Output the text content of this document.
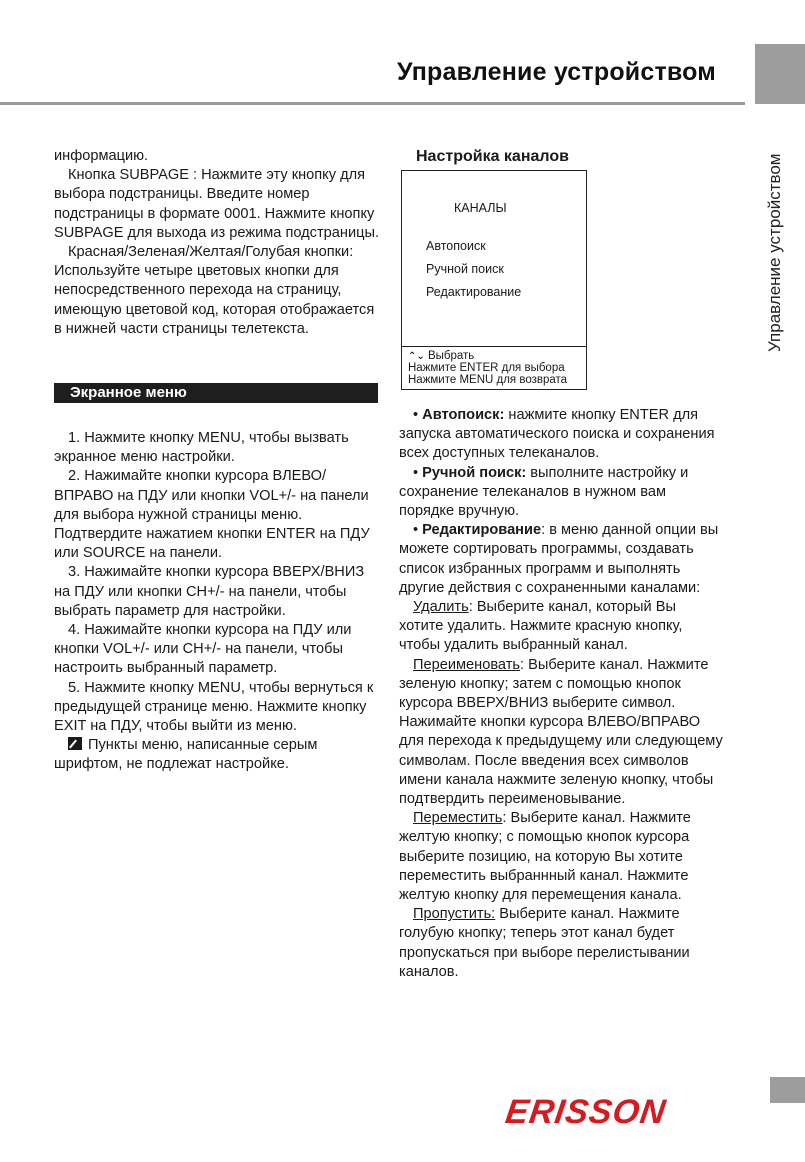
Управление устройством
Управление устройством

информацию.

Кнопка SUBPAGE : Нажмите эту кнопку для выбора подстраницы. Введите номер подстраницы в формате 0001. Нажмите кнопку SUBPAGE для выхода из режима подстраницы.

Красная/Зеленая/Желтая/Голубая кнопки: Используйте четыре цветовых кнопки для непосредственного перехода на страницу, имеющую цветовой код, которая отображается в нижней части страницы телетекста.

Экранное меню

1. Нажмите кнопку MENU, чтобы вызвать экранное меню настройки.

2. Нажимайте кнопки курсора ВЛЕВО/ВПРАВО на ПДУ или кнопки VOL+/- на панели для выбора нужной страницы меню. Подтвердите нажатием кнопки ENTER на ПДУ или SOURCE на панели.

3. Нажимайте кнопки курсора ВВЕРХ/ВНИЗ на ПДУ или кнопки CH+/- на панели, чтобы выбрать параметр для настройки.

4. Нажимайте кнопки курсора на ПДУ или кнопки VOL+/- или CH+/- на панели, чтобы настроить выбранный параметр.

5. Нажмите кнопку MENU, чтобы вернуться к предыдущей странице меню. Нажмите кнопку EXIT на ПДУ, чтобы выйти из меню.

Пункты меню, написанные серым шрифтом, не подлежат настройке.

Настройка каналов
КАНАЛЫ
Автопоиск
Ручной поиск
Редактирование
⌃⌄ Выбрать
Нажмите ENTER для выбора
Нажмите MENU для возврата

• Автопоиск: нажмите кнопку ENTER для запуска автоматического поиска и сохранения всех доступных телеканалов.

• Ручной поиск: выполните настройку и сохранение телеканалов в нужном вам порядке вручную.

• Редактирование: в меню данной опции вы можете сортировать программы, создавать список избранных программ и выполнять другие действия с сохраненными каналами:

Удалить: Выберите канал, который Вы хотите удалить. Нажмите красную кнопку, чтобы удалить выбранный канал.

Переименовать: Выберите канал. Нажмите зеленую кнопку; затем с помощью кнопок курсора ВВЕРХ/ВНИЗ выберите символ. Нажимайте кнопки курсора ВЛЕВО/ВПРАВО для перехода к предыдущему или следующему символам. После введения всех символов имени канала нажмите зеленую кнопку, чтобы подтвердить переименовывание.

Переместить: Выберите канал. Нажмите желтую кнопку; с помощью кнопок курсора выберите позицию, на которую Вы хотите переместить выбраннный канал. Нажмите желтую кнопку для перемещения канала.

Пропустить: Выберите канал. Нажмите голубую кнопку; теперь этот канал будет пропускаться при выборе перелистывании каналов.

ERISSON
